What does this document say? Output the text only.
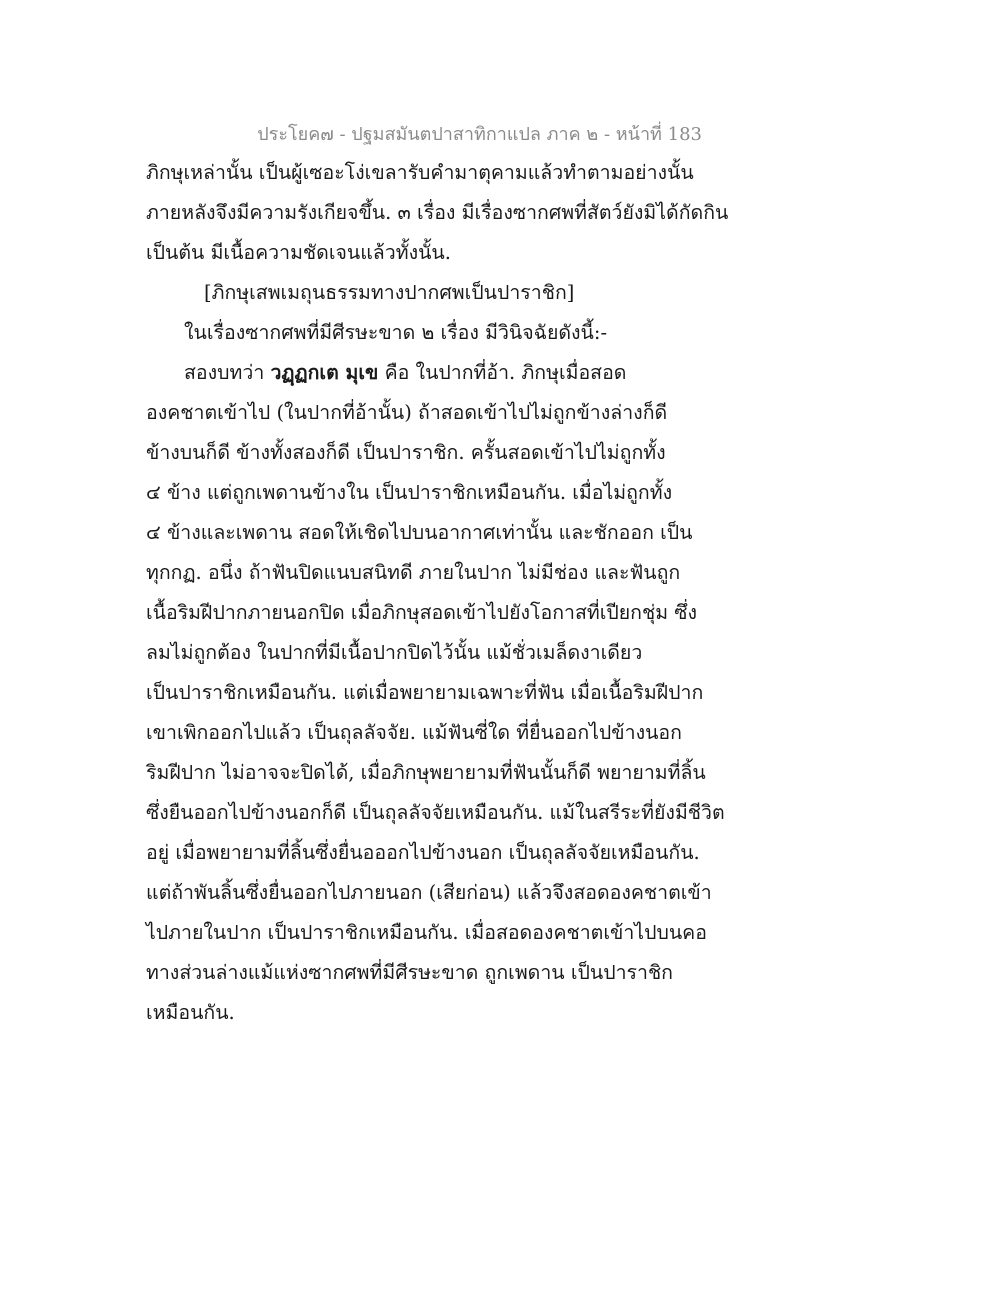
ประโยค๗ - ปฐมสมันตปาสาทิกาแปล ภาค ๒ - หน้าที่ 183
ภิกษุเหล่านั้น เป็นผู้เซอะโง่เขลารับคำมาตุคามแล้วทำตามอย่างนั้น
ภายหลังจึงมีความรังเกียจขึ้น. ๓ เรื่อง มีเรื่องซากศพที่สัตว์ยังมิได้กัดกิน
เป็นต้น มีเนื้อความชัดเจนแล้วทั้งนั้น.
[ภิกษุเสพเมถุนธรรมทางปากศพเป็นปาราชิก]
ในเรื่องซากศพที่มีศีรษะขาด ๒ เรื่อง มีวินิจฉัยดังนี้:-
สองบทว่า วฏฺฏกเต มุเข คือ ในปากที่อ้า. ภิกษุเมื่อสอด
องคชาตเข้าไป (ในปากที่อ้านั้น) ถ้าสอดเข้าไปไม่ถูกข้างล่างก็ดี
ข้างบนก็ดี ข้างทั้งสองก็ดี เป็นปาราชิก. ครั้นสอดเข้าไปไม่ถูกทั้ง
๔ ข้าง แต่ถูกเพดานข้างใน เป็นปาราชิกเหมือนกัน. เมื่อไม่ถูกทั้ง
๔ ข้างและเพดาน สอดให้เชิดไปบนอากาศเท่านั้น และชักออก เป็น
ทุกกฏ. อนึ่ง ถ้าฟันปิดแนบสนิทดี ภายในปาก ไม่มีช่อง และฟันถูก
เนื้อริมฝีปากภายนอกปิด เมื่อภิกษุสอดเข้าไปยังโอกาสที่เปียกชุ่ม ซึ่ง
ลมไม่ถูกต้อง ในปากที่มีเนื้อปากปิดไว้นั้น แม้ชั่วเมล็ดงาเดียว
เป็นปาราชิกเหมือนกัน. แต่เมื่อพยายามเฉพาะที่ฟัน เมื่อเนื้อริมฝีปาก
เขาเพิกออกไปแล้ว เป็นถุลลัจจัย. แม้ฟันซี่ใด ที่ยื่นออกไปข้างนอก
ริมฝีปาก ไม่อาจจะปิดได้, เมื่อภิกษุพยายามที่ฟันนั้นก็ดี พยายามที่ลิ้น
ซึ่งยืนออกไปข้างนอกก็ดี เป็นถุลลัจจัยเหมือนกัน. แม้ในสรีระที่ยังมีชีวิต
อยู่ เมื่อพยายามที่ลิ้นซึ่งยื่นอออกไปข้างนอก เป็นถุลลัจจัยเหมือนกัน.
แต่ถ้าพันลิ้นซึ่งยื่นออกไปภายนอก (เสียก่อน) แล้วจึงสอดองคชาตเข้า
ไปภายในปาก เป็นปาราชิกเหมือนกัน. เมื่อสอดองคชาตเข้าไปบนคอ
ทางส่วนล่างแม้แห่งซากศพที่มีศีรษะขาด ถูกเพดาน เป็นปาราชิก
เหมือนกัน.
